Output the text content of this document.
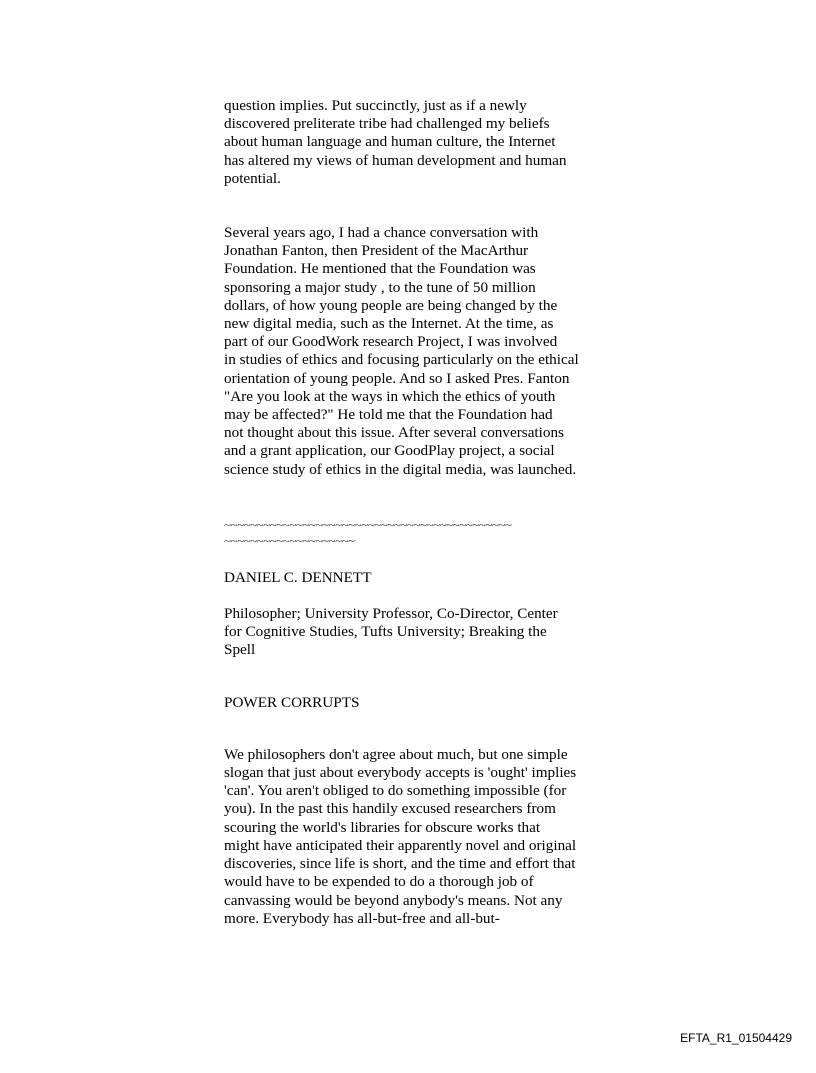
question implies. Put succinctly, just as if a newly
discovered preliterate tribe had challenged my beliefs
about human language and human culture, the Internet
has altered my views of human development and human
potential.

Several years ago, I had a chance conversation with
Jonathan Fanton, then President of the MacArthur
Foundation. He mentioned that the Foundation was
sponsoring a major study , to the tune of 50 million
dollars, of how young people are being changed by the
new digital media, such as the Internet. At the time, as
part of our GoodWork research Project, I was involved
in studies of ethics and focusing particularly on the ethical
orientation of young people. And so I asked Pres. Fanton
"Are you look at the ways in which the ethics of youth
may be affected?" He told me that the Foundation had
not thought about this issue. After several conversations
and a grant application, our GoodPlay project, a social
science study of ethics in the digital media, was launched.

~~~~~~~~~~~~~~~~~~~~~~~~~~~~~~~~~~~~~~~~~~~~
~~~~~~~~~~~~~~~~~~~~

DANIEL C. DENNETT

Philosopher; University Professor, Co-Director, Center
for Cognitive Studies, Tufts University; Breaking the
Spell

POWER CORRUPTS

We philosophers don't agree about much, but one simple
slogan that just about everybody accepts is 'ought' implies
'can'. You aren't obliged to do something impossible (for
you). In the past this handily excused researchers from
scouring the world's libraries for obscure works that
might have anticipated their apparently novel and original
discoveries, since life is short, and the time and effort that
would have to be expended to do a thorough job of
canvassing would be beyond anybody's means. Not any
more. Everybody has all-but-free and all-but-

EFTA_R1_01504429
